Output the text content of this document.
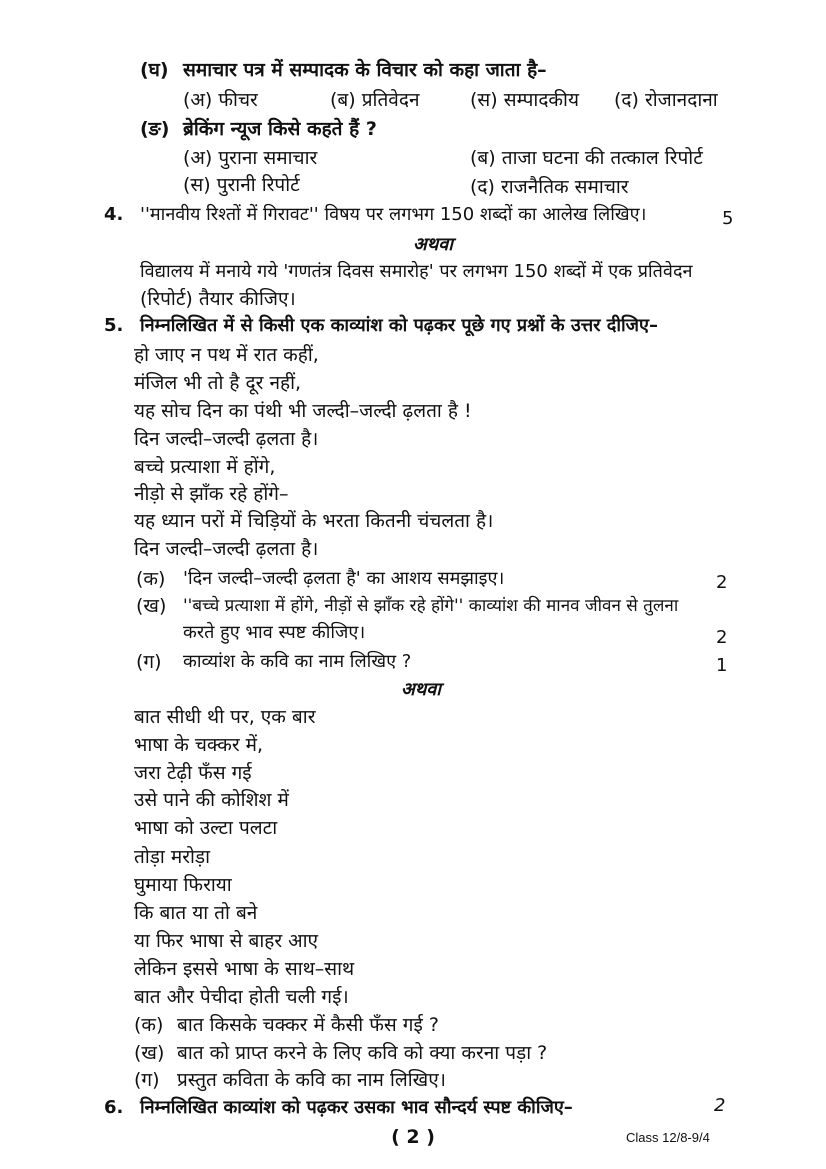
(घ) समाचार पत्र में सम्पादक के विचार को कहा जाता है–
(अ) फीचर	(ब) प्रतिवेदन	(स) सम्पादकीय (द) रोजानदाना
(ङ) ब्रेकिंग न्यूज किसे कहते हैं ?
(अ) पुराना समाचार	(ब) ताजा घटना की तत्काल रिपोर्ट
(स) पुरानी रिपोर्ट	(द) राजनैतिक समाचार
4. ''मानवीय रिश्तों में गिरावट'' विषय पर लगभग 150 शब्दों का आलेख लिखिए।	5
अथवा
विद्यालय में मनाये गये 'गणतंत्र दिवस समारोह' पर लगभग 150 शब्दों में एक प्रतिवेदन
(रिपोर्ट) तैयार कीजिए।
5. निम्नलिखित में से किसी एक काव्यांश को पढ़कर पूछे गए प्रश्नों के उत्तर दीजिए–
हो जाए न पथ में रात कहीं,
मंजिल भी तो है दूर नहीं,
यह सोच दिन का पंथी भी जल्दी–जल्दी ढ़लता है !
दिन जल्दी–जल्दी ढ़लता है।
बच्चे प्रत्याशा में होंगे,
नीड़ो से झाँक रहे होंगे–
यह ध्यान परों में चिड़ियों के भरता कितनी चंचलता है।
दिन जल्दी–जल्दी ढ़लता है।
(क) 'दिन जल्दी–जल्दी ढ़लता है' का आशय समझाइए।	2
(ख) ''बच्चे प्रत्याशा में होंगे, नीड़ों से झाँक रहे होंगे'' काव्यांश की मानव जीवन से तुलना
करते हुए भाव स्पष्ट कीजिए।	2
(ग) काव्यांश के कवि का नाम लिखिए ?	1
अथवा
बात सीधी थी पर, एक बार
भाषा के चक्कर में,
जरा टेढ़ी फँस गई
उसे पाने की कोशिश में
भाषा को उल्टा पलटा
तोड़ा मरोड़ा
घुमाया फिराया
कि बात या तो बने
या फिर भाषा से बाहर आए
लेकिन इससे भाषा के साथ–साथ
बात और पेचीदा होती चली गई।
(क) बात किसके चक्कर में कैसी फँस गई ?
(ख) बात को प्राप्त करने के लिए कवि को क्या करना पड़ा ?
(ग) प्रस्तुत कविता के कवि का नाम लिखिए।
6. निम्नलिखित काव्यांश को पढ़कर उसका भाव सौन्दर्य स्पष्ट कीजिए–	2
( 2 )	Class 12/8-9/4
